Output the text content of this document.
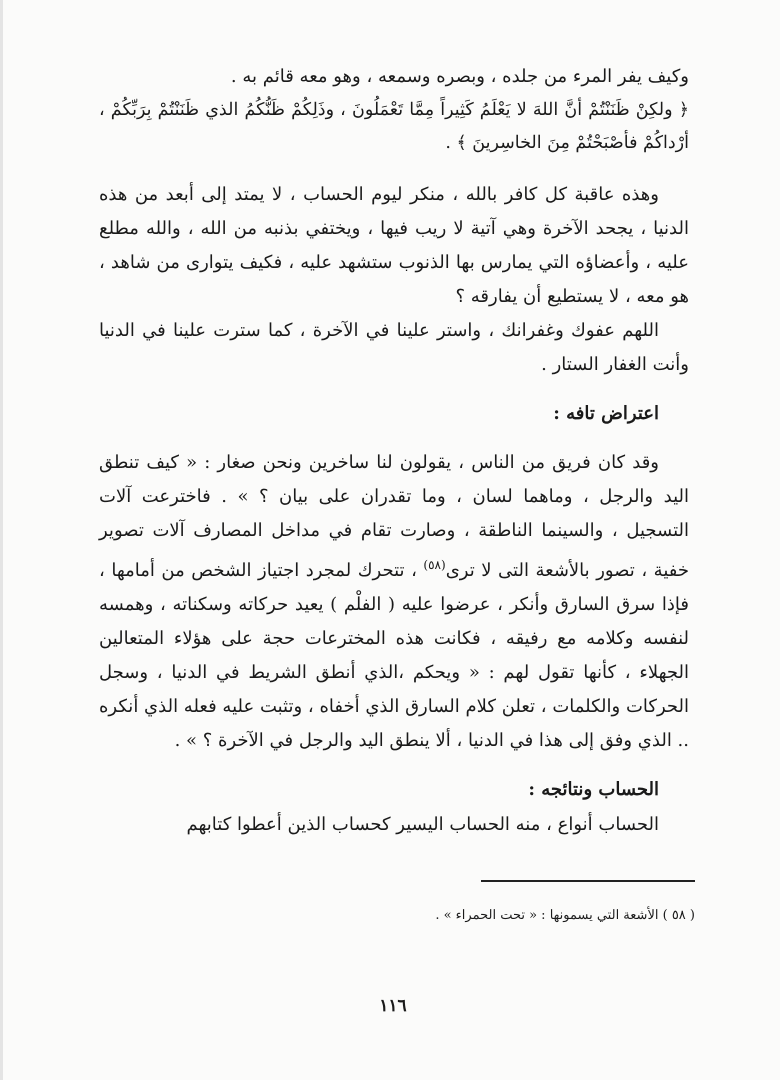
وكيف يفر المرء من جلده ، وبصره وسمعه ، وهو معه قائم به .

﴿ ولكِنْ ظَنَنْتُمْ أنَّ اللهَ لا يَعْلَمُ كَثِيراً مِمَّا تَعْمَلُونَ ، وذَلِكُمْ ظَنُّكُمُ الذي ظَنَنْتُمْ بِرَبِّكُمْ ، أرْداكُمْ فأصْبَحْتُمْ مِنَ الخاسِرينَ ﴾ .

وهذه عاقبة كل كافر بالله ، منكر ليوم الحساب ، لا يمتد إلى أبعد من هذه الدنيا ، يجحد الآخرة وهي آتية لا ريب فيها ، ويختفي بذنبه من الله ، والله مطلع عليه ، وأعضاؤه التي يمارس بها الذنوب ستشهد عليه ، فكيف يتوارى من شاهد ، هو معه ، لا يستطيع أن يفارقه ؟

اللهم عفوك وغفرانك ، واستر علينا في الآخرة ، كما سترت علينا في الدنيا وأنت الغفار الستار .

اعتراض تافه :

وقد كان فريق من الناس ، يقولون لنا ساخرين ونحن صغار : « كيف تنطق اليد والرجل ، وماهما لسان ، وما تقدران على بيان ؟ » . فاخترعت آلات التسجيل ، والسينما الناطقة ، وصارت تقام في مداخل المصارف آلات تصوير خفية ، تصور بالأشعة التى لا ترى$^{(٥٨)}$ ، تتحرك لمجرد اجتياز الشخص من أمامها ، فإذا سرق السارق وأنكر ، عرضوا عليه ( الفلْم ) يعيد حركاته وسكناته ، وهمسه لنفسه وكلامه مع رفيقه ، فكانت هذه المخترعات حجة على هؤلاء المتعالين الجهلاء ، كأنها تقول لهم : « ويحكم ،الذي أنطق الشريط في الدنيا ، وسجل الحركات والكلمات ، تعلن كلام السارق الذي أخفاه ، وتثبت عليه فعله الذي أنكره .. الذي وفق إلى هذا في الدنيا ، ألا ينطق اليد والرجل في الآخرة ؟ » .

الحساب ونتائجه :

الحساب أنواع ، منه الحساب اليسير كحساب الذين أعطوا كتابهم

( ٥٨ ) الأشعة التي يسمونها : « تحت الحمراء » .
١١٦
